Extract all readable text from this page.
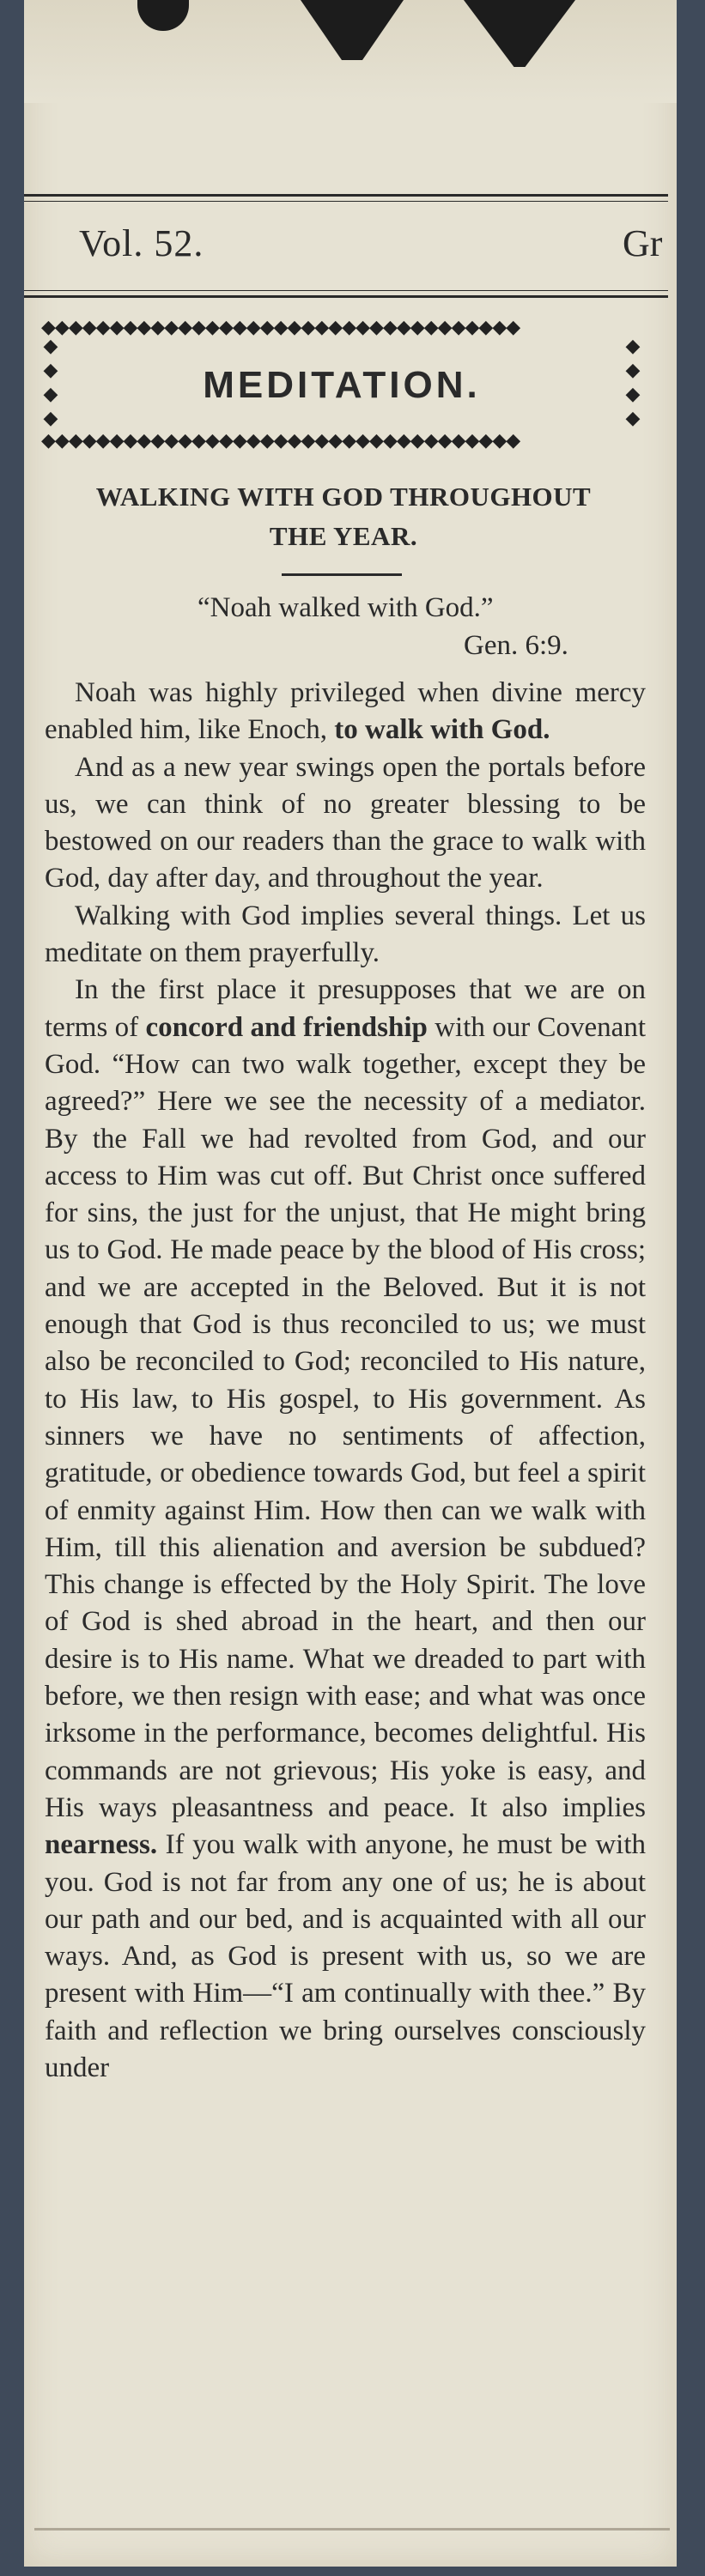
Vol. 52.	Gr
◆◆◆◆◆◆◆◆◆◆◆◆◆◆◆◆◆◆◆◆◆◆◆◆◆◆◆◆◆◆◆◆◆◆◆
◆
◆
◆
◆
◆
◆
◆
◆
MEDITATION.
◆◆◆◆◆◆◆◆◆◆◆◆◆◆◆◆◆◆◆◆◆◆◆◆◆◆◆◆◆◆◆◆◆◆◆
WALKING WITH GOD THROUGHOUT
THE YEAR.
“Noah walked with God.”
Gen. 6:9.

Noah was highly privileged when divine mercy enabled him, like Enoch, to walk with God.

And as a new year swings open the portals before us, we can think of no greater blessing to be bestowed on our readers than the grace to walk with God, day after day, and throughout the year.

Walking with God implies several things. Let us meditate on them prayerfully.

In the first place it presupposes that we are on terms of concord and friendship with our Covenant God. “How can two walk together, except they be agreed?” Here we see the necessity of a mediator. By the Fall we had revolted from God, and our access to Him was cut off. But Christ once suffered for sins, the just for the unjust, that He might bring us to God. He made peace by the blood of His cross; and we are accepted in the Beloved. But it is not enough that God is thus reconciled to us; we must also be reconciled to God; reconciled to His nature, to His law, to His gospel, to His government. As sinners we have no sentiments of affection, gratitude, or obedience towards God, but feel a spirit of enmity against Him. How then can we walk with Him, till this alienation and aversion be subdued? This change is effected by the Holy Spirit. The love of God is shed abroad in the heart, and then our desire is to His name. What we dreaded to part with before, we then resign with ease; and what was once irksome in the performance, becomes delightful. His commands are not grievous; His yoke is easy, and His ways pleasantness and peace. It also implies nearness. If you walk with anyone, he must be with you. God is not far from any one of us; he is about our path and our bed, and is acquainted with all our ways. And, as God is present with us, so we are present with Him—“I am continually with thee.” By faith and reflection we bring ourselves consciously under
